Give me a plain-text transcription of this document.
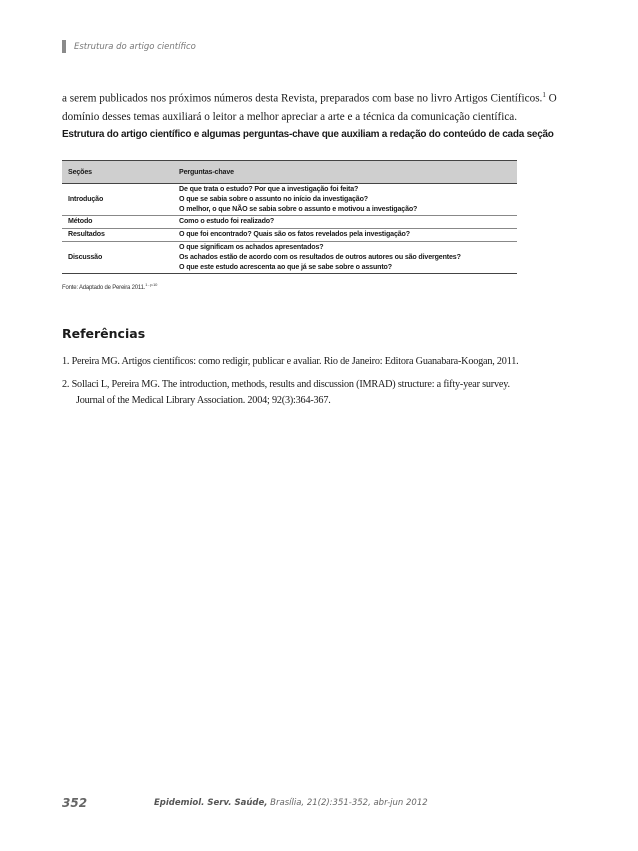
Estrutura do artigo científico

a serem publicados nos próximos números desta Revista, preparados com base no livro Artigos Científicos.$^1$ O

domínio desses temas auxiliará o leitor a melhor apreciar a arte e a técnica da comunicação científica.

Estrutura do artigo científico e algumas perguntas-chave que auxiliam a redação do conteúdo de cada seção
Seções	Perguntas-chave
Introdução	De que trata o estudo? Por que a investigação foi feita?
O que se sabia sobre o assunto no início da investigação?
O melhor, o que NÃO se sabia sobre o assunto e motivou a investigação?

Método	Como o estudo foi realizado?

Resultados	O que foi encontrado? Quais são os fatos revelados pela investigação?

Discussão	O que significam os achados apresentados?
Os achados estão de acordo com os resultados de outros autores ou são divergentes?
O que este estudo acrescenta ao que já se sabe sobre o assunto?
Fonte: Adaptado de Pereira 2011.$^{1 - p.10}$
Referências
1. Pereira MG. Artigos científicos: como redigir, publicar e avaliar. Rio de Janeiro: Editora Guanabara-Koogan, 2011.
2. Sollaci L, Pereira MG. The introduction, methods, results and discussion (IMRAD) structure: a fifty-year survey. Journal of the Medical Library Association. 2004; 92(3):364-367.
352	Epidemiol. Serv. Saúde, Brasília, 21(2):351-352, abr-jun 2012
